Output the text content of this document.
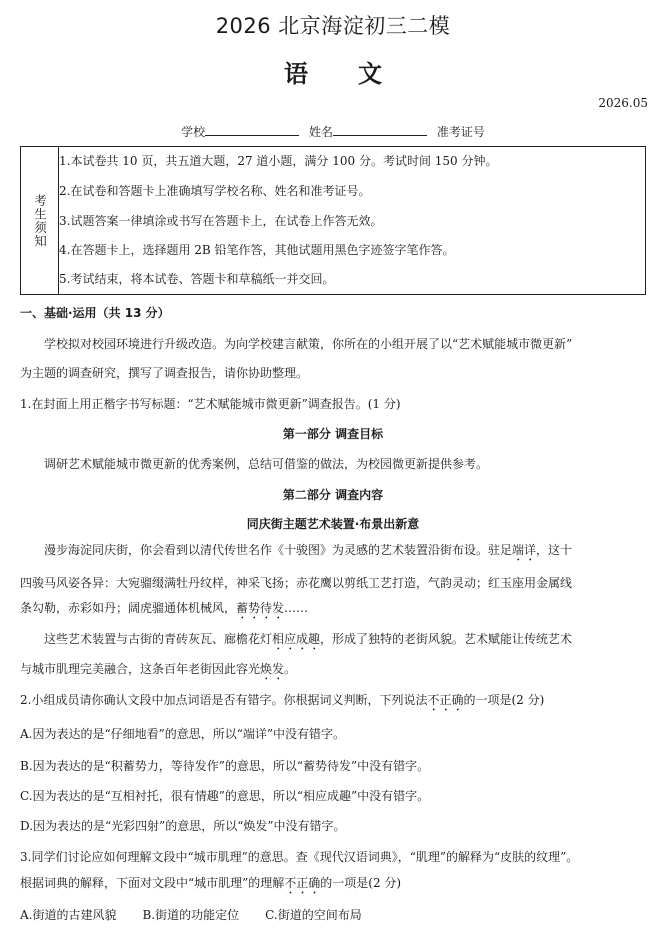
2026 北京海淀初三二模
语 文
2026.05
学校	姓名	准考证号
考生须知
1.本试卷共 10 页，共五道大题，27 道小题，满分 100 分。考试时间 150 分钟。
2.在试卷和答题卡上准确填写学校名称、姓名和准考证号。
3.试题答案一律填涂或书写在答题卡上，在试卷上作答无效。
4.在答题卡上，选择题用 2B 铅笔作答，其他试题用黑色字迹签字笔作答。
5.考试结束，将本试卷、答题卡和草稿纸一并交回。
一、基础·运用（共 13 分）
学校拟对校园环境进行升级改造。为向学校建言献策，你所在的小组开展了以“艺术赋能城市微更新”
为主题的调查研究，撰写了调查报告，请你协助整理。
1.在封面上用正楷字书写标题：“艺术赋能城市微更新”调查报告。(1 分)
第一部分 调查目标
调研艺术赋能城市微更新的优秀案例，总结可借鉴的做法，为校园微更新提供参考。
第二部分 调查内容
同庆街主题艺术装置·布景出新意
漫步海淀同庆街，你会看到以清代传世名作《十骏图》为灵感的艺术装置沿街布设。驻足端详，这十
四骏马风姿各异：大宛骝缀满牡丹纹样，神采飞扬；赤花鹰以剪纸工艺打造，气韵灵动；红玉座用金属线
条勾勒，赤彩如丹；阔虎骝通体机械风，蓄势待发……
这些艺术装置与古街的青砖灰瓦、廊檐花灯相应成趣，形成了独特的老街风貌。艺术赋能让传统艺术
与城市肌理完美融合，这条百年老街因此容光焕发。
2.小组成员请你确认文段中加点词语是否有错字。你根据词义判断，下列说法不正确的一项是(2 分)
A.因为表达的是“仔细地看”的意思，所以“端详”中没有错字。
B.因为表达的是“积蓄势力，等待发作”的意思，所以“蓄势待发”中没有错字。
C.因为表达的是“互相衬托，很有情趣”的意思，所以“相应成趣”中没有错字。
D.因为表达的是“光彩四射”的意思，所以“焕发”中没有错字。
3.同学们讨论应如何理解文段中“城市肌理”的意思。查《现代汉语词典》，“肌理”的解释为“皮肤的纹理”。
根据词典的解释，下面对文段中“城市肌理”的理解不正确的一项是(2 分)
A.街道的古建风貌 B.街道的功能定位 C.街道的空间布局
